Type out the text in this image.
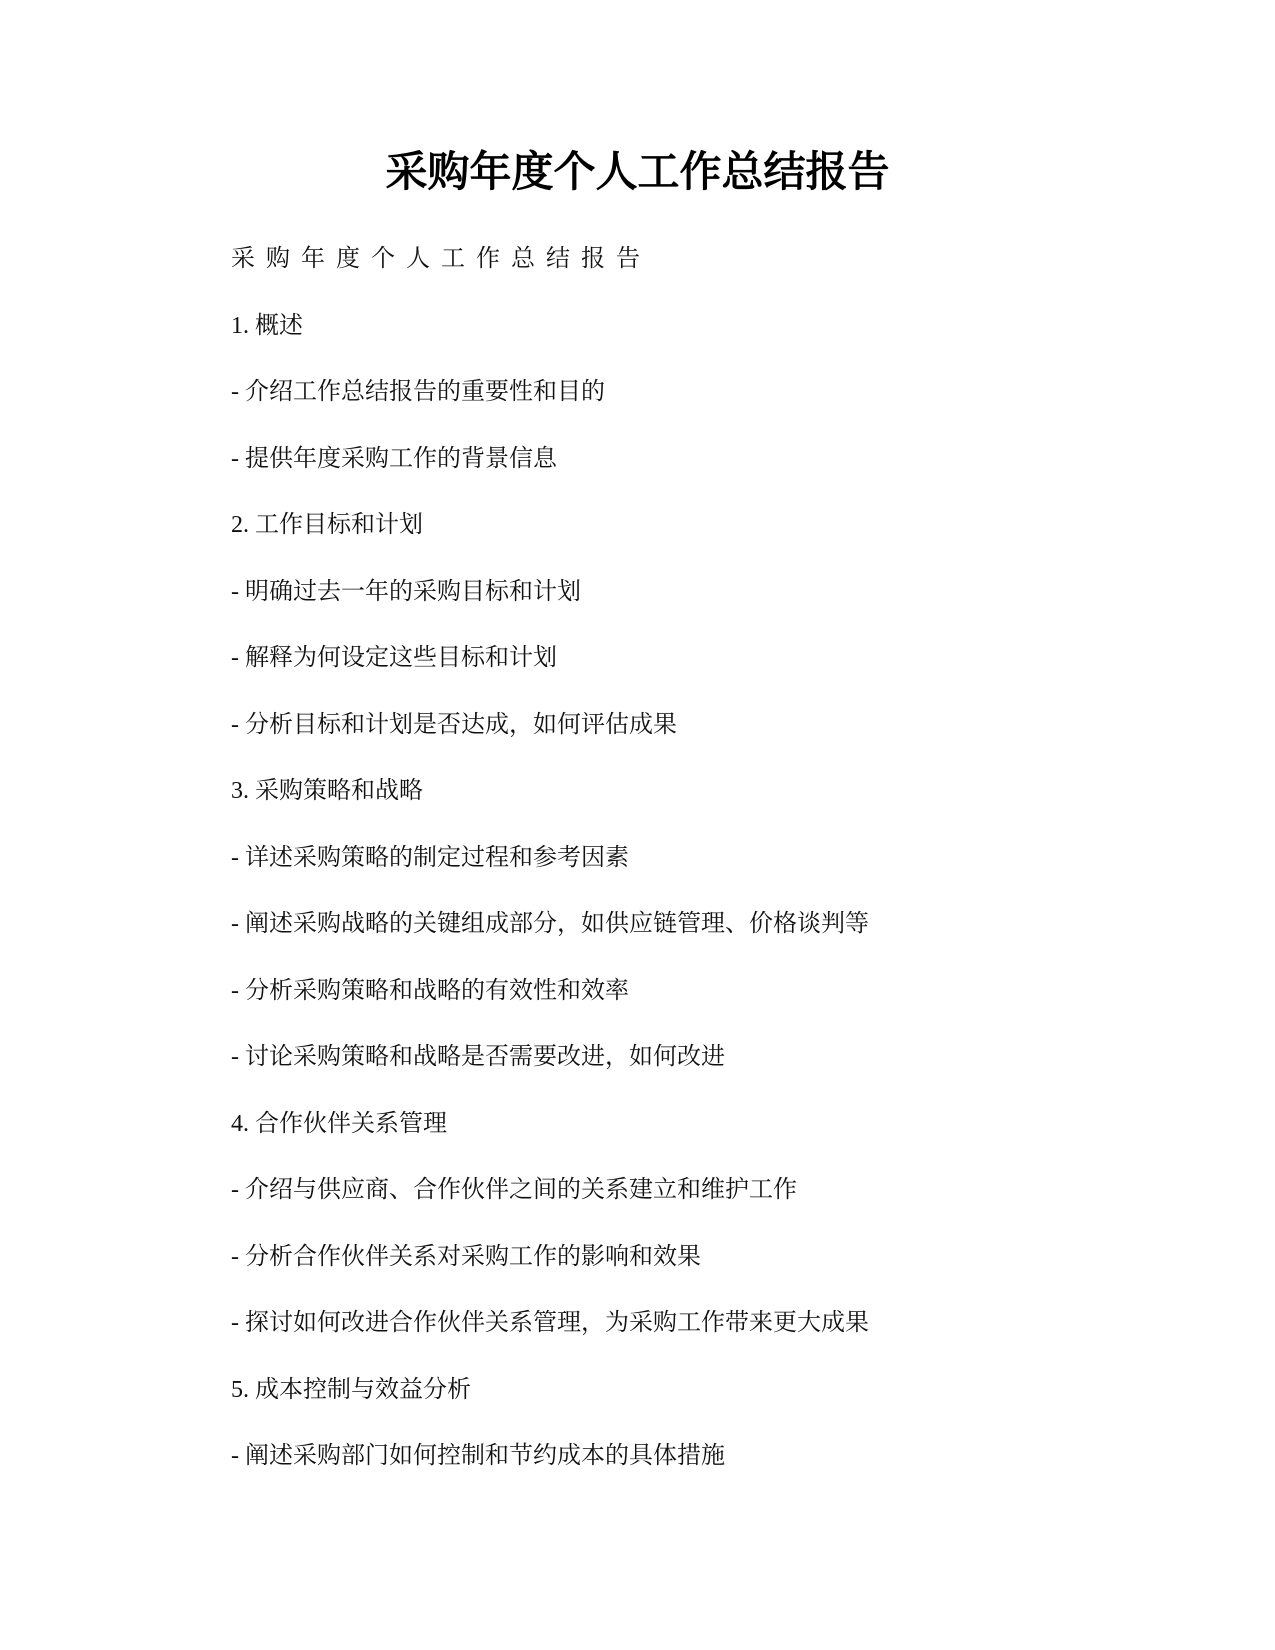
采购年度个人工作总结报告
采购年度个人工作总结报告
1. 概述
- 介绍工作总结报告的重要性和目的
- 提供年度采购工作的背景信息
2. 工作目标和计划
- 明确过去一年的采购目标和计划
- 解释为何设定这些目标和计划
- 分析目标和计划是否达成，如何评估成果
3. 采购策略和战略
- 详述采购策略的制定过程和参考因素
- 阐述采购战略的关键组成部分，如供应链管理、价格谈判等
- 分析采购策略和战略的有效性和效率
- 讨论采购策略和战略是否需要改进，如何改进
4. 合作伙伴关系管理
- 介绍与供应商、合作伙伴之间的关系建立和维护工作
- 分析合作伙伴关系对采购工作的影响和效果
- 探讨如何改进合作伙伴关系管理，为采购工作带来更大成果
5. 成本控制与效益分析
- 阐述采购部门如何控制和节约成本的具体措施
